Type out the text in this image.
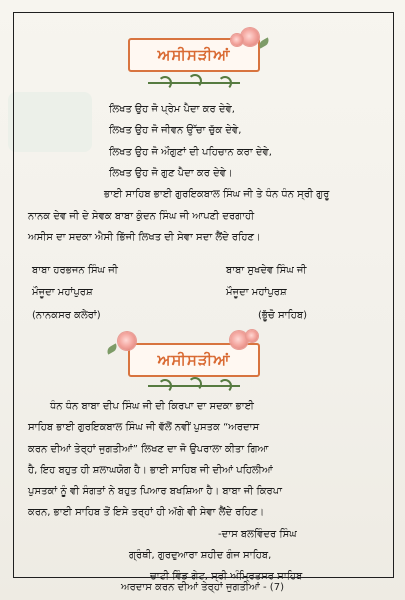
ਅਸੀਸੜੀਆਂ
ਲਿਖਤ ਉਹ ਜੋ ਪ੍ਰੇਮ ਪੈਦਾ ਕਰ ਦੇਵੇ,
ਲਿਖਤ ਉਹ ਜੋ ਜੀਵਨ ਉੱਚਾ ਚੁੱਕ ਦੇਵੇ,
ਲਿਖਤ ਉਹ ਜੋ ਔਗੁਣਾਂ ਦੀ ਪਹਿਚਾਨ ਕਰਾ ਦੇਵੇ,
ਲਿਖਤ ਉਹ ਜੋ ਗੁਣ ਪੈਦਾ ਕਰ ਦੇਵੇ।
ਭਾਈ ਸਾਹਿਬ ਭਾਈ ਗੁਰਇਕਬਾਲ ਸਿੰਘ ਜੀ ਤੇ ਧੰਨ ਧੰਨ ਸ੍ਰੀ ਗੁਰੂ
ਨਾਨਕ ਦੇਵ ਜੀ ਦੇ ਸੇਵਕ ਬਾਬਾ ਕੁੰਦਨ ਸਿੰਘ ਜੀ ਆਪਣੀ ਦਰਗਾਹੀ
ਅਸੀਸ ਦਾ ਸਦਕਾ ਐਸੀ ਭਿੱਜੀ ਲਿਖਤ ਦੀ ਸੇਵਾ ਸਦਾ ਲੈਂਦੇ ਰਹਿਣ।
ਬਾਬਾ ਹਰਭਜਨ ਸਿੰਘ ਜੀ
ਮੌਜੂਦਾ ਮਹਾਂਪੁਰਸ਼
(ਨਾਨਕਸਰ ਕਲੇਰਾਂ)
ਬਾਬਾ ਸੁਖਦੇਵ ਸਿੰਘ ਜੀ
ਮੌਜੂਦਾ ਮਹਾਂਪੁਰਸ਼
(ਭੂੱਚੋ ਸਾਹਿਬ)
ਅਸੀਸੜੀਆਂ
ਧੰਨ ਧੰਨ ਬਾਬਾ ਦੀਪ ਸਿੰਘ ਜੀ ਦੀ ਕਿਰਪਾ ਦਾ ਸਦਕਾ ਭਾਈ
ਸਾਹਿਬ ਭਾਈ ਗੁਰਇਕਬਾਲ ਸਿੰਘ ਜੀ ਵੱਲੋਂ ਨਵੀਂ ਪੁਸਤਕ “ਅਰਦਾਸ
ਕਰਨ ਦੀਆਂ ਤੇਰ੍ਹਾਂ ਜੁਗਤੀਆਂ” ਲਿਖਣ ਦਾ ਜੋ ਉਪਰਾਲਾ ਕੀਤਾ ਗਿਆ
ਹੈ, ਇਹ ਬਹੁਤ ਹੀ ਸ਼ਲਾਘਯੋਗ ਹੈ। ਭਾਈ ਸਾਹਿਬ ਜੀ ਦੀਆਂ ਪਹਿਲੀਆਂ
ਪੁਸਤਕਾਂ ਨੂੰ ਵੀ ਸੰਗਤਾਂ ਨੇ ਬਹੁਤ ਪਿਆਰ ਬਖਸ਼ਿਆ ਹੈ। ਬਾਬਾ ਜੀ ਕਿਰਪਾ
ਕਰਨ, ਭਾਈ ਸਾਹਿਬ ਤੋਂ ਇਸੇ ਤਰ੍ਹਾਂ ਹੀ ਅੱਗੇ ਵੀ ਸੇਵਾ ਲੈਂਦੇ ਰਹਿਣ।
-ਦਾਸ ਬਲਵਿੰਦਰ ਸਿੰਘ
ਗ੍ਰੰਥੀ, ਗੁਰਦੁਆਰਾ ਸ਼ਹੀਦ ਗੰਜ ਸਾਹਿਬ,
ਅਰਦਾਸ ਕਰਨ ਦੀਆਂ ਤੇਰ੍ਹਾਂ ਜੁਗਤੀਆਂ - (7)
